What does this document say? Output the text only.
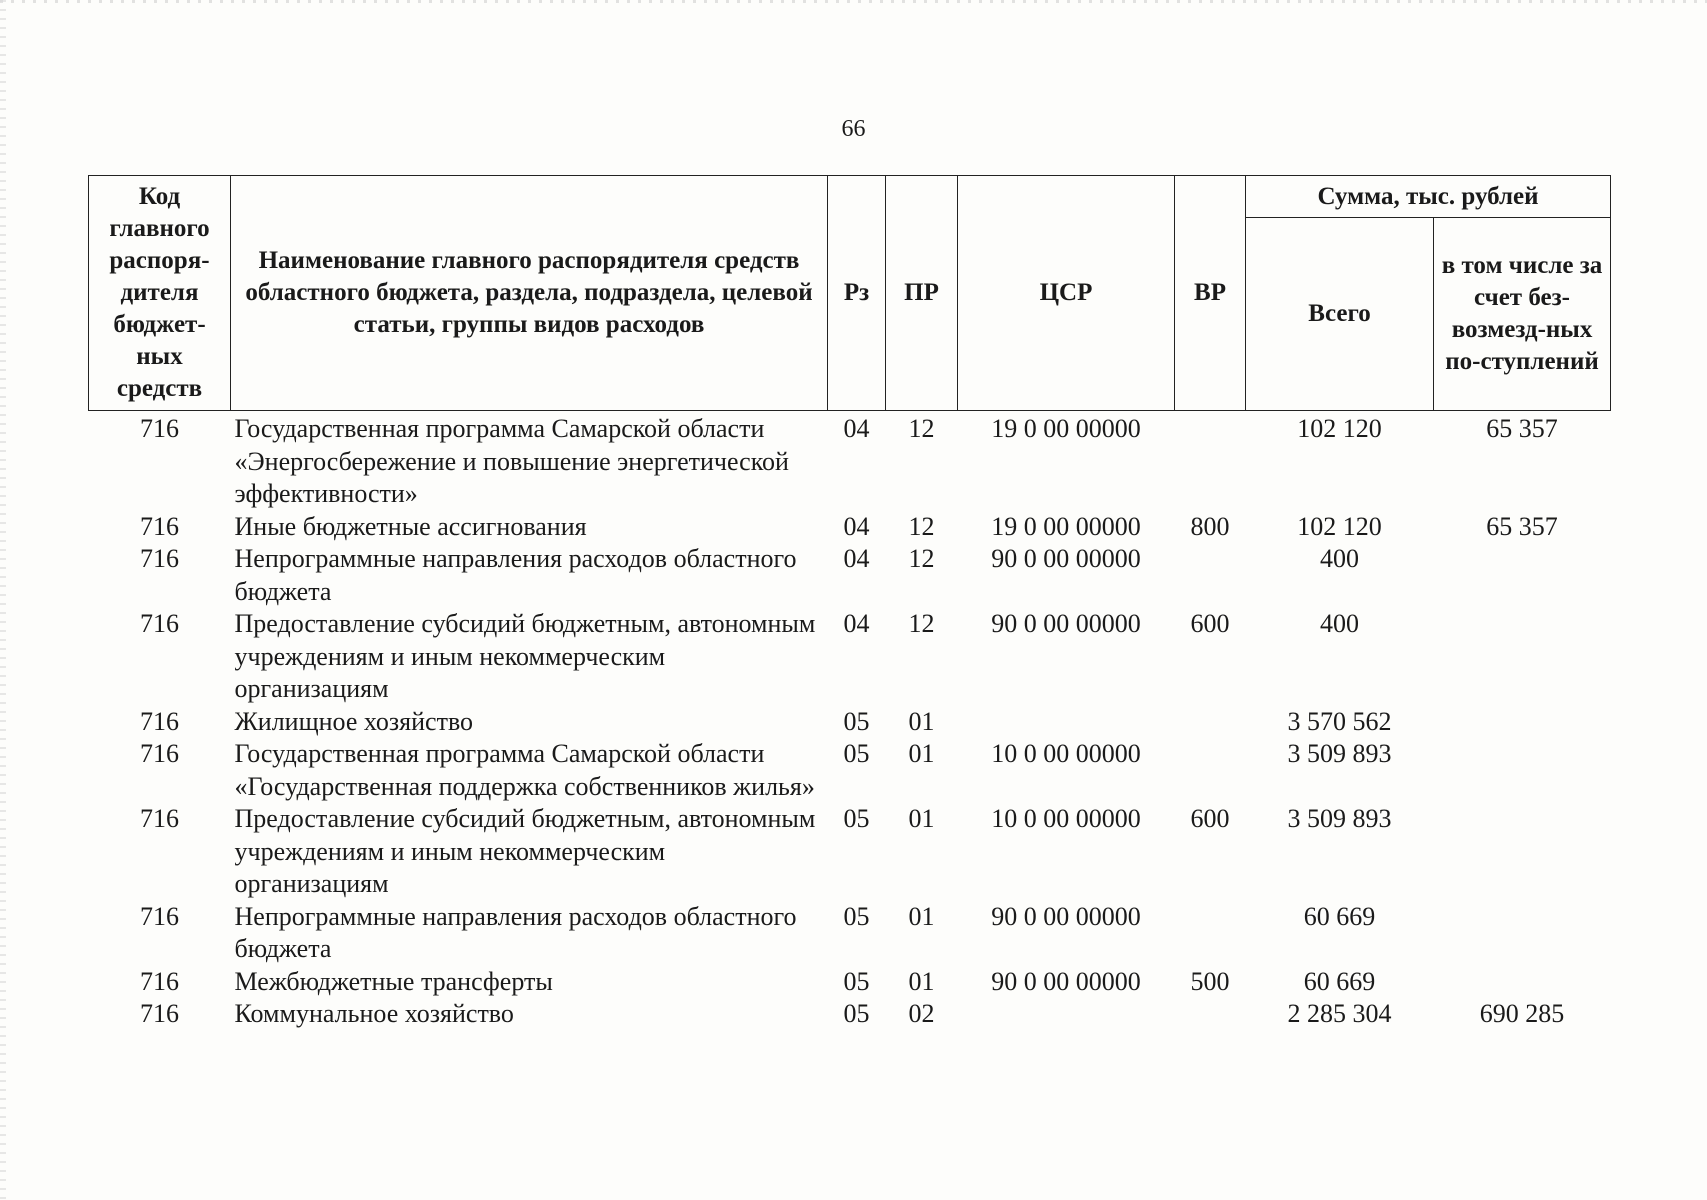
66
Код главного распоря-дителя бюджет-ных средств	Наименование главного распорядителя средств областного бюджета, раздела, подраздела, целевой статьи, группы видов расходов	Рз	ПР	ЦСР	ВР	Сумма, тыс. рублей	
						Всего	в том числе за счет без-возмезд-ных по-ступлений
716	Государственная программа Самарской области «Энергосбережение и повышение энергетической эффективности»	04	12	19 0 00 00000		102 120	65 357
716	Иные бюджетные ассигнования	04	12	19 0 00 00000	800	102 120	65 357
716	Непрограммные направления расходов областного бюджета	04	12	90 0 00 00000		400	
716	Предоставление субсидий бюджетным, автономным учреждениям и иным некоммерческим организациям	04	12	90 0 00 00000	600	400	
716	Жилищное хозяйство	05	01			3 570 562	
716	Государственная программа Самарской области «Государственная поддержка собственников жилья»	05	01	10 0 00 00000		3 509 893	
716	Предоставление субсидий бюджетным, автономным учреждениям и иным некоммерческим организациям	05	01	10 0 00 00000	600	3 509 893	
716	Непрограммные направления расходов областного бюджета	05	01	90 0 00 00000		60 669	
716	Межбюджетные трансферты	05	01	90 0 00 00000	500	60 669	
716	Коммунальное хозяйство	05	02			2 285 304	690 285
